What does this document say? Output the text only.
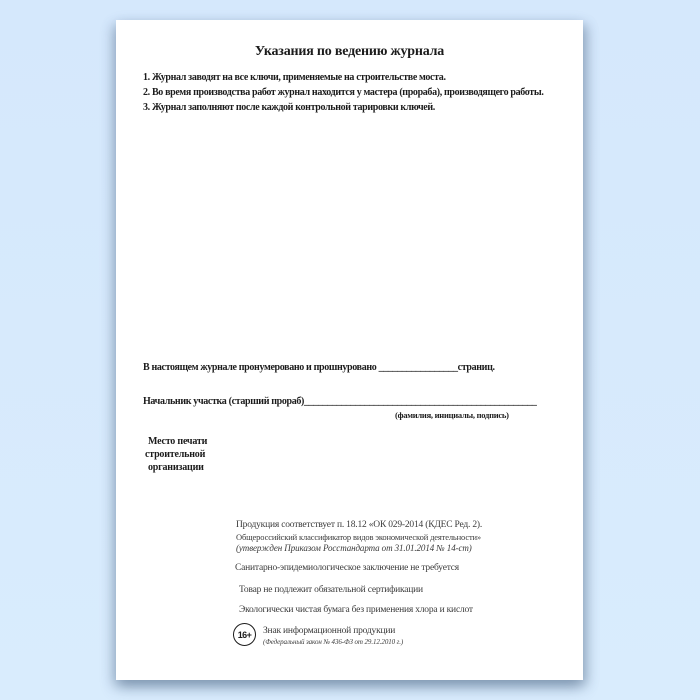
Указания по ведению журнала
1. Журнал заводят на все ключи, применяемые на строительстве моста.
2. Во время производства работ журнал находится у мастера (прораба), производящего работы.
3. Журнал заполняют после каждой контрольной тарировки ключей.
В настоящем журнале пронумеровано и прошнуровано _________________страниц.
Начальник участка (старший прораб)__________________________________________________
(фамилия, инициалы, подпись)
Место печати
строительной
организации
Продукция соответствует п. 18.12 «ОК 029-2014 (КДЕС Ред. 2).
Общероссийский классификатор видов экономической деятельности»
(утвержден Приказом Росстандарта от 31.01.2014 № 14-ст)
Санитарно-эпидемиологическое заключение не требуется
Товар не подлежит обязательной сертификации
Экологически чистая бумага без применения хлора и кислот
16+	Знак информационной продукции
(Федеральный закон № 436-ФЗ от 29.12.2010 г.)
